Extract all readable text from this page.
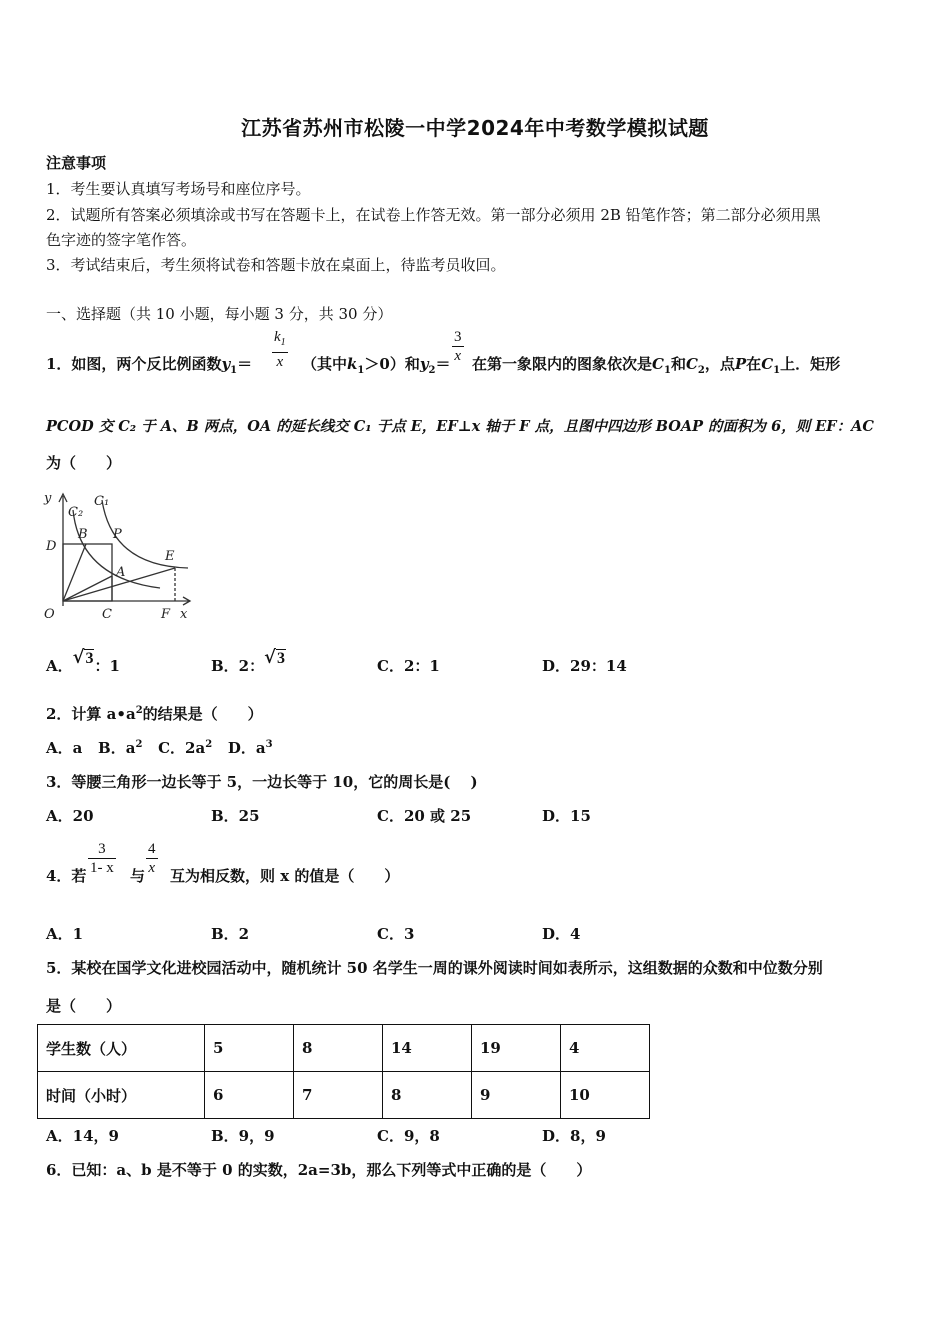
江苏省苏州市松陵一中学2024年中考数学模拟试题
注意事项
1．考生要认真填写考场号和座位序号。
2．试题所有答案必须填涂或书写在答题卡上，在试卷上作答无效。第一部分必须用 2B 铅笔作答；第二部分必须用黑
色字迹的签字笔作答。
3．考试结束后，考生须将试卷和答题卡放在桌面上，待监考员收回。
一、选择题（共 10 小题，每小题 3 分，共 30 分）
1．如图，两个反比例函数$y_1= \frac{k_1}{x}$ （其中$k_1>0$）和$y_2= \frac{3}{x}$ 在第一象限内的图象依次是$C_1$和$C_2$，点P在$C_1$上．矩形
PCOD 交 C₂ 于 A、B 两点，OA 的延长线交 C₁ 于点 E，EF⊥x 轴于 F 点，且图中四边形 BOAP 的面积为 6，则 EF：AC
为（　　）
y
C₂
C₁
B P
D
E
A
O	C	F x
A．√3：1	B．2：√3	C．2：1	D．29：14
2．计算 $a•a^2$的结果是（　　）
A．a B．$a^2$ C．$2a^2$ D．$a^3$
3．等腰三角形一边长等于 5，一边长等于 10，它的周长是(　 )
A．20	B．25	C．20 或 25	D．15
4．若 $\frac{3}{1- x}$ 与 $\frac{4}{x}$ 互为相反数，则 x 的值是（　　）
A．1	B．2	C．3	D．4
5．某校在国学文化进校园活动中，随机统计 50 名学生一周的课外阅读时间如表所示，这组数据的众数和中位数分别
是（　　）
学生数（人）	5	8	14	19	4
时间（小时）	6	7	8	9	10
A．14，9	B．9，9	C．9，8	D．8，9
6．已知：a、b 是不等于 0 的实数，2a=3b，那么下列等式中正确的是（　　）
